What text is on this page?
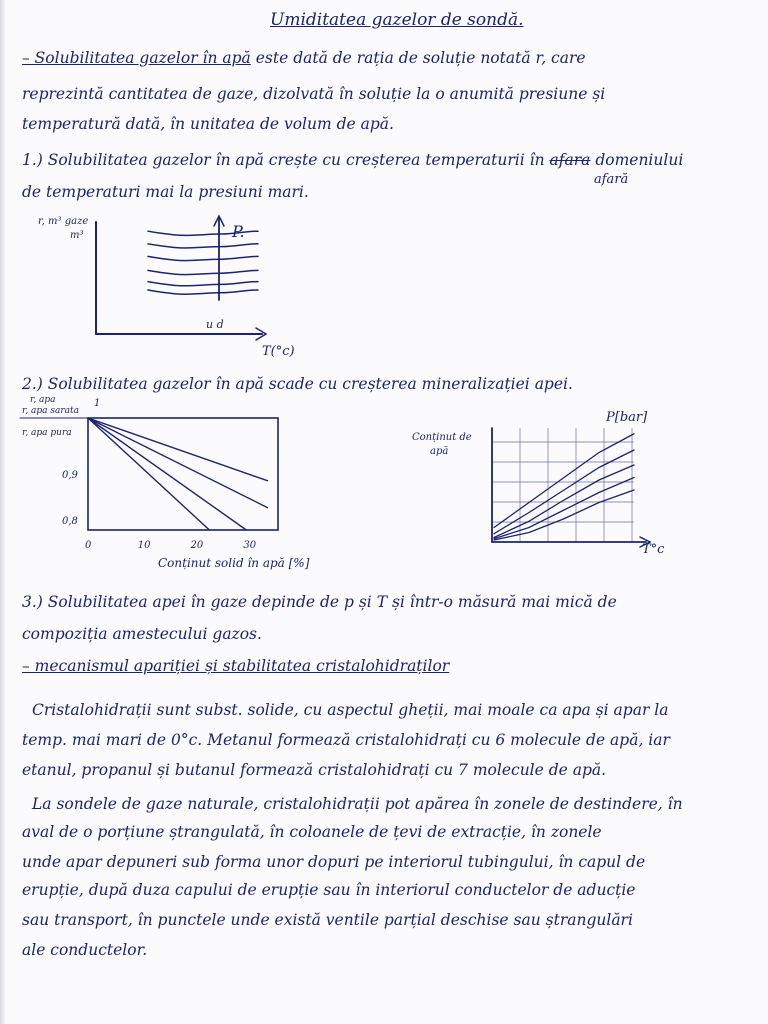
Umiditatea gazelor de sondă.
– Solubilitatea gazelor în apă este dată de rația de soluție notată r, care
reprezintă cantitatea de gaze, dizolvată în soluție la o anumită presiune și
temperatură dată, în unitatea de volum de apă.
1.) Solubilitatea gazelor în apă crește cu creșterea temperaturii în afara domeniului
afară
de temperaturi mai la presiuni mari.
r, m³ gaze
m³	P.
u d
T(°c)
2.) Solubilitatea gazelor în apă scade cu creșterea mineralizației apei.
r, apa
r, apa sarata
r, apa pura
1
0	10	20	30
0,9
0,8
Conținut solid în apă [%]
Conținut de
apă
P[bar]
T°c
3.) Solubilitatea apei în gaze depinde de p și T și într-o măsură mai mică de
compoziția amestecului gazos.
– mecanismul apariției și stabilitatea cristalohidraților
Cristalohidrații sunt subst. solide, cu aspectul gheții, mai moale ca apa și apar la
temp. mai mari de 0°c. Metanul formează cristalohidrați cu 6 molecule de apă, iar
etanul, propanul și butanul formează cristalohidrați cu 7 molecule de apă.
La sondele de gaze naturale, cristalohidrații pot apărea în zonele de destindere, în
aval de o porțiune ștrangulată, în coloanele de țevi de extracție, în zonele
unde apar depuneri sub forma unor dopuri pe interiorul tubingului, în capul de
erupție, după duza capului de erupție sau în interiorul conductelor de aducție
sau transport, în punctele unde există ventile parțial deschise sau ștrangulări
ale conductelor.
